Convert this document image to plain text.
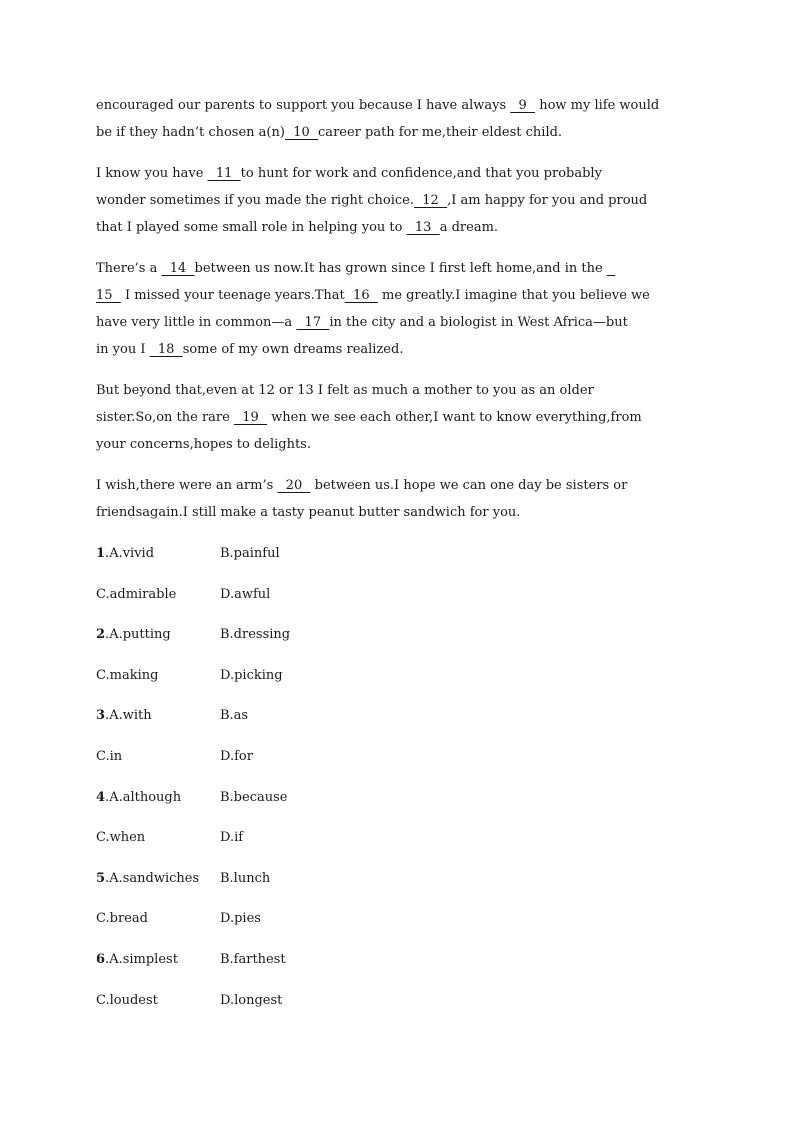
encouraged our parents to support you because I have always   9   how my life would

be if they hadn’t chosen a(n)  10  career path for me,their eldest child.

I know you have   11  to hunt for work and confidence,and that you probably

wonder sometimes if you made the right choice.  12  ,I am happy for you and proud

that I played some small role in helping you to   13  a dream.

There’s a   14  between us now.It has grown since I first left home,and in the

15   I missed your teenage years.That  16   me greatly.I imagine that you believe we

have very little in common—a   17  in the city and a biologist in West Africa—but

in you I   18  some of my own dreams realized.

But beyond that,even at 12 or 13 I felt as much a mother to you as an older

sister.So,on the rare   19   when we see each other,I want to know everything,from

your concerns,hopes to delights.

I wish,there were an arm’s   20   between us.I hope we can one day be sisters or

friendsagain.I still make a tasty peanut butter sandwich for you.

1.A.vivid	B.painful
C.admirable	D.awful
2.A.putting	B.dressing
C.making	D.picking
3.A.with	B.as
C.in	D.for
4.A.although	B.because
C.when	D.if
5.A.sandwiches B.lunch
C.bread	D.pies
6.A.simplest	B.farthest
C.loudest	D.longest
